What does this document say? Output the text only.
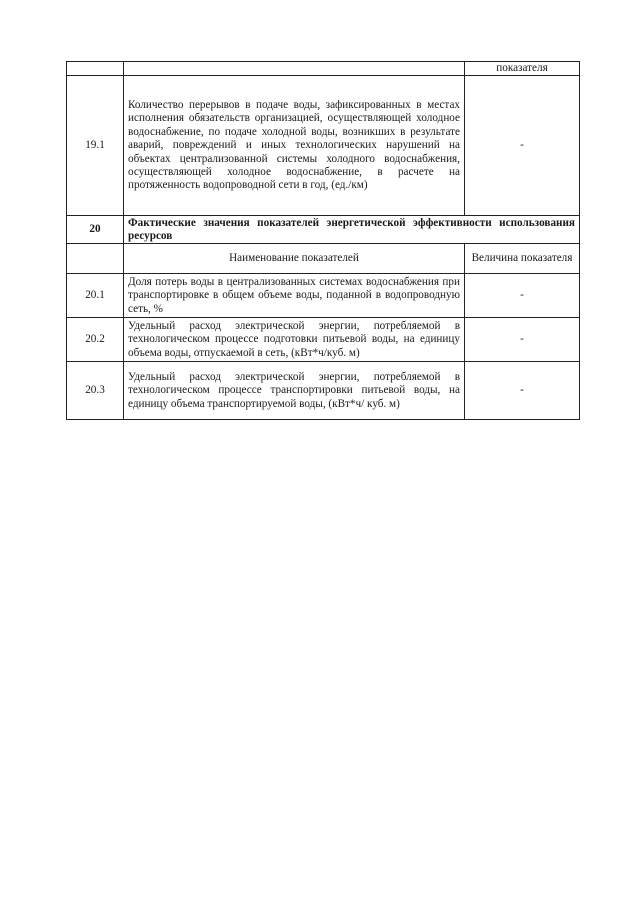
		показателя
19.1	Количество перерывов в подаче воды, зафиксированных в местах исполнения обязательств организацией, осуществляющей холодное водоснабжение, по подаче холодной воды, возникших в результате аварий, повреждений и иных технологических нарушений на объектах централизованной системы холодного водоснабжения, осуществляющей холодное водоснабжение, в расчете на протяженность водопроводной сети в год, (ед./км)	-
20	Фактические значения показателей энергетической эффективности использования ресурсов	
	Наименование показателей	Величина показателя
20.1	Доля потерь воды в централизованных системах водоснабжения при транспортировке в общем объеме воды, поданной в водопроводную сеть, %	-
20.2	Удельный расход электрической энергии, потребляемой в технологическом процессе подготовки питьевой воды, на единицу объема воды, отпускаемой в сеть, (кВт*ч/куб. м)	-
20.3	Удельный расход электрической энергии, потребляемой в технологическом процессе транспортировки питьевой воды, на единицу объема транспортируемой воды, (кВт*ч/ куб. м)	-
